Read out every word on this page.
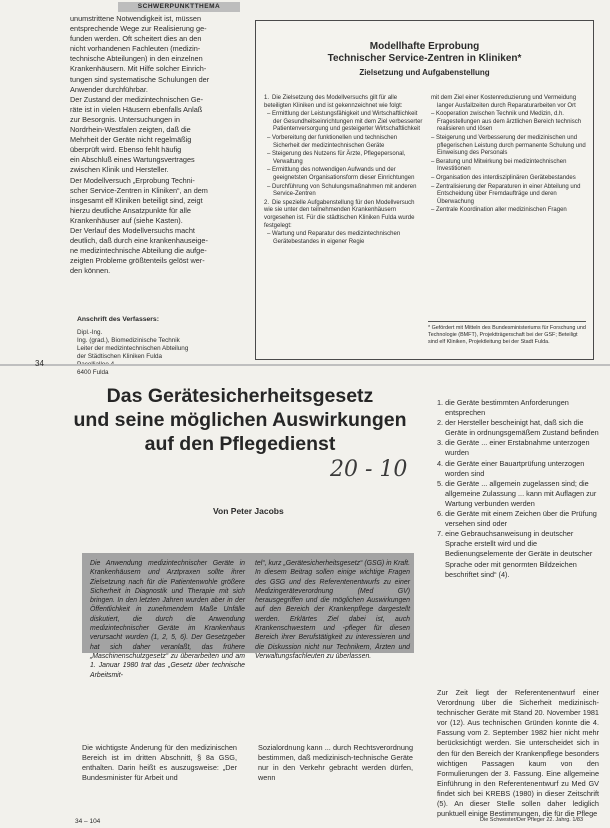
SCHWERPUNKTTHEMA
unumstrittene Notwendigkeit ist, müssen
entsprechende Wege zur Realisierung ge-
funden werden. Oft scheitert dies an den
nicht vorhandenen Fachleuten (medizin-
technische Abteilungen) in den einzelnen
Krankenhäusern. Mit Hilfe solcher Einrich-
tungen sind systematische Schulungen der
Anwender durchführbar.
Der Zustand der medizintechnischen Ge-
räte ist in vielen Häusern ebenfalls Anlaß
zur Besorgnis. Untersuchungen in
Nordrhein-Westfalen zeigten, daß die
Mehrheit der Geräte nicht regelmäßig
überprüft wird. Ebenso fehlt häufig
ein Abschluß eines Wartungsvertrages
zwischen Klinik und Hersteller.
Der Modellversuch „Erprobung Techni-
scher Service-Zentren in Kliniken“, an dem
insgesamt elf Kliniken beteiligt sind, zeigt
hierzu deutliche Ansatzpunkte für alle
Krankenhäuser auf (siehe Kasten).
Der Verlauf des Modellversuchs macht
deutlich, daß durch eine krankenhauseige-
ne medizintechnische Abteilung die aufge-
zeigten Probleme größtenteils gelöst wer-
den können.
Anschrift des Verfassers:
Dipl.-Ing.
Ing. (grad.), Biomedizinische Technik
Leiter der medizintechnischen Abteilung
der Städtischen Kliniken Fulda
6400 Fulda
Modellhafte Erprobung
Technischer Service-Zentren in Kliniken*
Zielsetzung und Aufgabenstellung
1. Die Zielsetzung des Modellversuchs gilt für alle beteiligten Kliniken und ist gekennzeichnet wie folgt:
– Ermittlung der Leistungsfähigkeit und Wirtschaftlichkeit der Gesundheitseinrichtungen mit dem Ziel verbesserter Patientenversorgung und gesteigerter Wirtschaftlichkeit
– Vorbereitung der funktionellen und technischen Sicherheit der medizintechnischen Geräte
– Steigerung des Nutzens für Ärzte, Pflegepersonal, Verwaltung
– Ermittlung des notwendigen Aufwands und der geeignetsten Organisationsform dieser Einrichtungen
– Durchführung von Schulungsmaßnahmen mit anderen Service-Zentren
2. Die spezielle Aufgabenstellung für den Modellversuch wie sie unter den teilnehmenden Krankenhäusern vorgesehen ist. Für die städtischen Kliniken Fulda wurde festgelegt:
– Wartung und Reparatur des medizintechnischen Gerätebestandes in eigener Regie
mit dem Ziel einer Kostenreduzierung und Vermeidung langer Ausfallzeiten durch Reparaturarbeiten vor Ort
– Kooperation zwischen Technik und Medizin, d.h. Fragestellungen aus dem ärztlichen Bereich technisch realisieren und lösen
– Steigerung und Verbesserung der medizinischen und pflegerischen Leistung durch permanente Schulung und Einweisung des Personals
– Beratung und Mitwirkung bei medizintechnischen Investitionen
– Organisation des interdisziplinären Gerätebestandes
– Zentralisierung der Reparaturen in einer Abteilung und Entscheidung über Fremdaufträge und deren Überwachung
– Zentrale Koordination aller medizinischen Fragen
* Gefördert mit Mitteln des Bundesministeriums für Forschung und Technologie (BMFT), Projektträgerschaft bei der GSF; Beteiligt sind elf Kliniken, Projektleitung bei der Stadt Fulda.
34
Das Gerätesicherheitsgesetz
und seine möglichen Auswirkungen
auf den Pflegedienst
20 - 10
Von Peter Jacobs
Die Anwendung medizintechnischer Geräte in Krankenhäusern und Arztpraxen sollte ihrer Zielsetzung nach für die Patientenwohle größere Sicherheit in Diagnostik und Therapie mit sich bringen. In den letzten Jahren wurden aber in der Öffentlichkeit in zunehmendem Maße Unfälle diskutiert, die durch die Anwendung medizintechnischer Geräte im Krankenhaus verursacht wurden (1, 2, 5, 6). Der Gesetzgeber hat sich daher veranlaßt, das frühere „Maschinenschutzgesetz“ zu überarbeiten und am 1. Januar 1980 trat das „Gesetz über technische Arbeitsmit-
tel“, kurz „Gerätesicherheitsgesetz“ (GSG) in Kraft. In diesem Beitrag sollen einige wichtige Fragen des GSG und des Referentenentwurfs zu einer Medizingeräteverordnung (Med GV) herausgegriffen und die möglichen Auswirkungen auf den Bereich der Krankenpflege dargestellt werden. Erklärtes Ziel dabei ist, auch Krankenschwestern und -pfleger für diesen Bereich ihrer Berufstätigkeit zu interessieren und die Diskussion nicht nur Technikern, Ärzten und Verwaltungsfachleuten zu überlassen.
Die wichtigste Änderung für den medizinischen Bereich ist im dritten Abschnitt, § 8a GSG, enthalten. Darin heißt es auszugsweise: „Der Bundesminister für Arbeit und
Sozialordnung kann ... durch Rechtsverordnung bestimmen, daß medizinisch-technische Geräte nur in den Verkehr gebracht werden dürfen, wenn
1. die Geräte bestimmten Anforderungen entsprechen
2. der Hersteller bescheinigt hat, daß sich die Geräte in ordnungsgemäßem Zustand befinden
3. die Geräte ... einer Erstabnahme unterzogen wurden
4. die Geräte einer Bauartprüfung unterzogen worden sind
5. die Geräte ... allgemein zugelassen sind; die allgemeine Zulassung ... kann mit Auflagen zur Wartung verbunden werden
6. die Geräte mit einem Zeichen über die Prüfung versehen sind oder
7. eine Gebrauchsanweisung in deutscher Sprache erstellt wird und die Bedienungselemente der Geräte in deutscher Sprache oder mit genormten Bildzeichen beschriftet sind“ (4).
Zur Zeit liegt der Referentenentwurf einer Verordnung über die Sicherheit medizinisch-technischer Geräte mit Stand 20. November 1981 vor (12). Aus technischen Gründen konnte die 4. Fassung vom 2. September 1982 hier nicht mehr berücksichtigt werden. Sie unterscheidet sich in den für den Bereich der Krankenpflege besonders wichtigen Passagen kaum von den Formulierungen der 3. Fassung. Eine allgemeine Einführung in den Referentenentwurf zu Med GV findet sich bei KREBS (1980) in dieser Zeitschrift (5). An dieser Stelle sollen daher lediglich punktuell einige Bestimmungen, die für die Pflege
34 – 104	Die Schwester/Der Pfleger 22. Jahrg. 1/83
